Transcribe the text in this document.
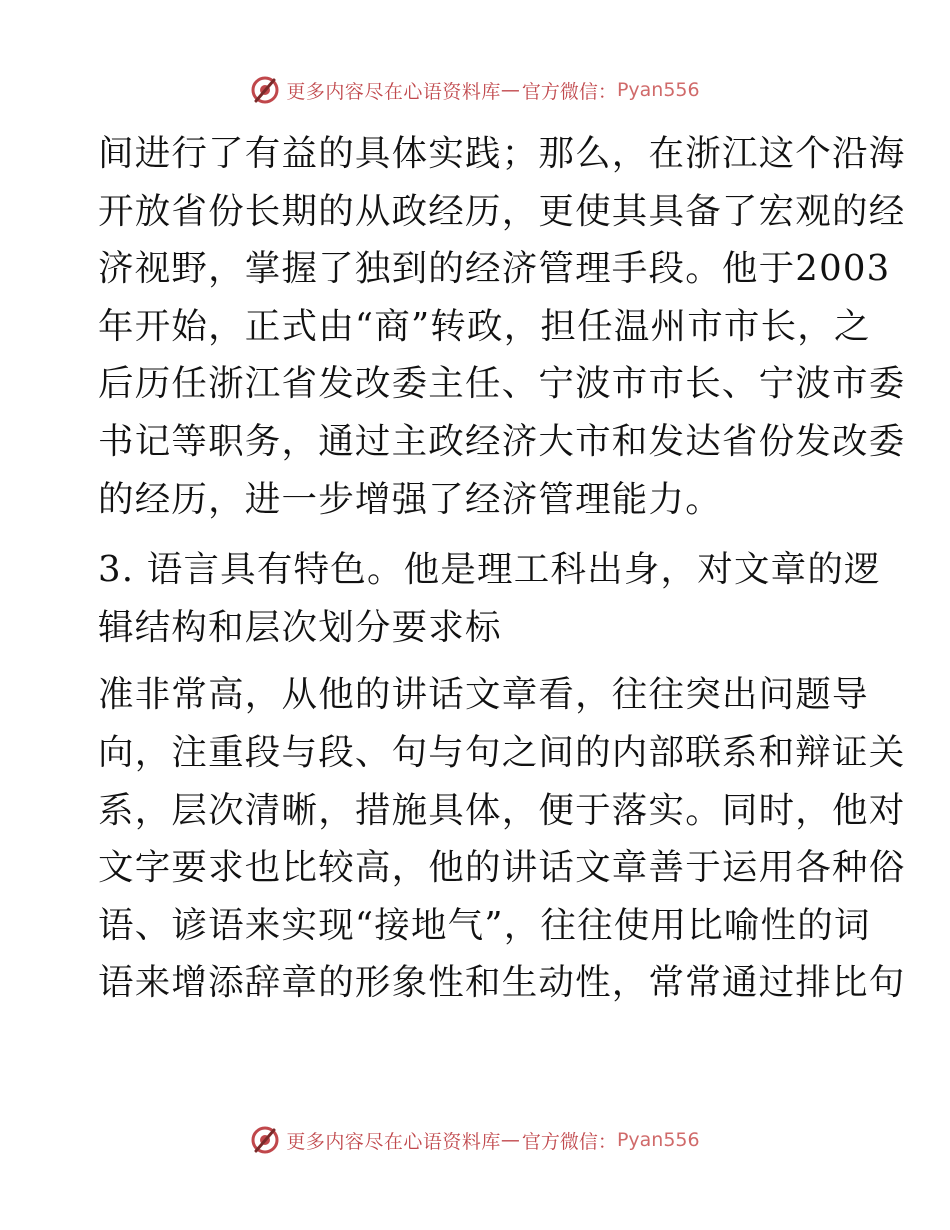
更多内容尽在心语资料库 — 官方微信： Pyan556
间进行了有益的具体实践；那么，在浙江这个沿海
开放省份长期的从政经历，更使其具备了宏观的经
济视野，掌握了独到的经济管理手段。他于2003
年开始，正式由“商”转政，担任温州市市长，之
后历任浙江省发改委主任、宁波市市长、宁波市委
书记等职务，通过主政经济大市和发达省份发改委
的经历，进一步增强了经济管理能力。
3. 语言具有特色。他是理工科出身，对文章的逻
辑结构和层次划分要求标
准非常高，从他的讲话文章看，往往突出问题导
向，注重段与段、句与句之间的内部联系和辩证关
系，层次清晰，措施具体，便于落实。同时，他对
文字要求也比较高，他的讲话文章善于运用各种俗
语、谚语来实现“接地气”，往往使用比喻性的词
语来增添辞章的形象性和生动性，常常通过排比句
更多内容尽在心语资料库 — 官方微信： Pyan556
